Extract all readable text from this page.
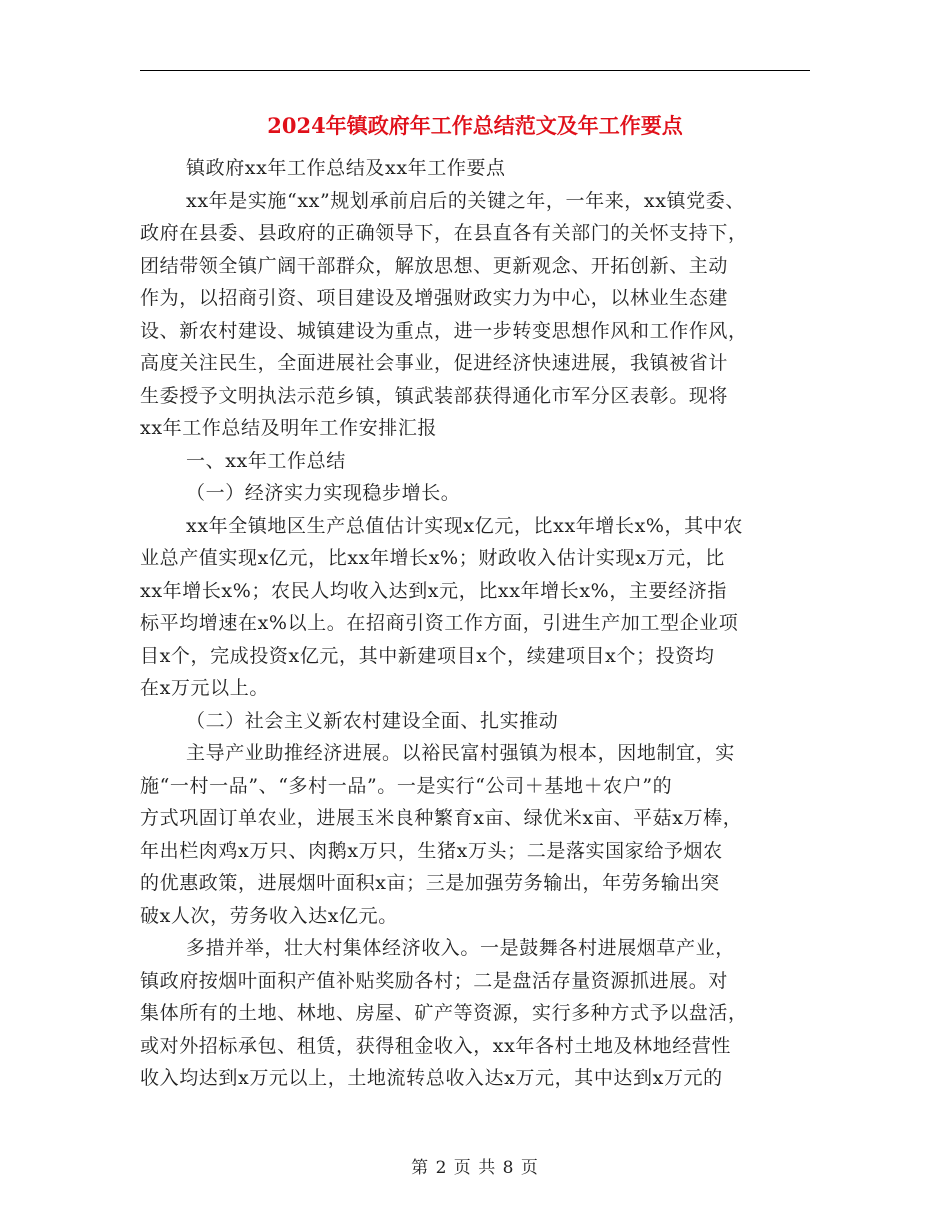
2024年镇政府年工作总结范文及年工作要点
镇政府xx年工作总结及xx年工作要点
xx年是实施“xx”规划承前启后的关键之年，一年来，xx镇党委、
政府在县委、县政府的正确领导下，在县直各有关部门的关怀支持下，
团结带领全镇广阔干部群众，解放思想、更新观念、开拓创新、主动
作为，以招商引资、项目建设及增强财政实力为中心，以林业生态建
设、新农村建设、城镇建设为重点，进一步转变思想作风和工作作风，
高度关注民生，全面进展社会事业，促进经济快速进展，我镇被省计
生委授予文明执法示范乡镇，镇武装部获得通化市军分区表彰。现将
xx年工作总结及明年工作安排汇报
一、xx年工作总结
（一）经济实力实现稳步增长。
xx年全镇地区生产总值估计实现x亿元，比xx年增长x%，其中农
业总产值实现x亿元，比xx年增长x%；财政收入估计实现x万元，比
xx年增长x%；农民人均收入达到x元，比xx年增长x%，主要经济指
标平均增速在x%以上。在招商引资工作方面，引进生产加工型企业项
目x个，完成投资x亿元，其中新建项目x个，续建项目x个；投资均
在x万元以上。
（二）社会主义新农村建设全面、扎实推动
主导产业助推经济进展。以裕民富村强镇为根本，因地制宜，实
施“一村一品”、“多村一品”。一是实行“公司＋基地＋农户”的
方式巩固订单农业，进展玉米良种繁育x亩、绿优米x亩、平菇x万棒，
年出栏肉鸡x万只、肉鹅x万只，生猪x万头；二是落实国家给予烟农
的优惠政策，进展烟叶面积x亩；三是加强劳务输出，年劳务输出突
破x人次，劳务收入达x亿元。
多措并举，壮大村集体经济收入。一是鼓舞各村进展烟草产业，
镇政府按烟叶面积产值补贴奖励各村；二是盘活存量资源抓进展。对
集体所有的土地、林地、房屋、矿产等资源，实行多种方式予以盘活，
或对外招标承包、租赁，获得租金收入，xx年各村土地及林地经营性
收入均达到x万元以上，土地流转总收入达x万元，其中达到x万元的
第 2 页 共 8 页
